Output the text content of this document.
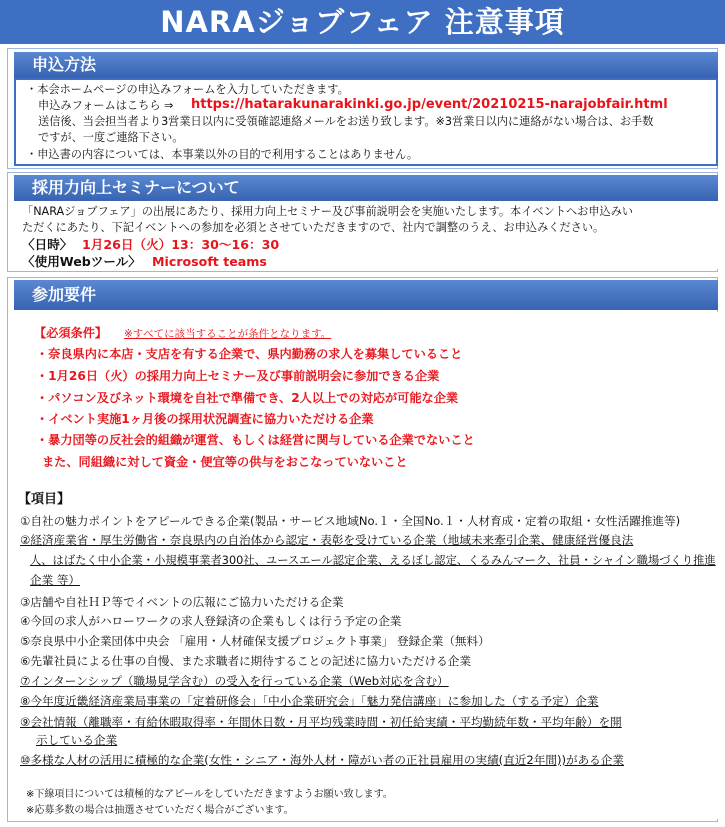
NARAジョブフェア 注意事項
申込方法
・本会ホームページの申込みフォームを入力していただきます。
申込みフォームはこちら ⇒ https://hatarakunarakinki.go.jp/event/20210215-narajobfair.html
送信後、当会担当者より3営業日以内に受領確認連絡メールをお送り致します。※3営業日以内に連絡がない場合は、お手数
ですが、一度ご連絡下さい。
・申込書の内容については、本事業以外の目的で利用することはありません。
採用力向上セミナーについて
「NARAジョブフェア」の出展にあたり、採用力向上セミナー及び事前説明会を実施いたします。本イベントへお申込みい
ただくにあたり、下記イベントへの参加を必須とさせていただきますので、社内で調整のうえ、お申込みください。
〈日時〉 1月26日（火）13：30～16：30
〈使用Webツール〉 Microsoft teams
参加要件
【必須条件】 ※すべてに該当することが条件となります。
・奈良県内に本店・支店を有する企業で、県内勤務の求人を募集していること
・1月26日（火）の採用力向上セミナー及び事前説明会に参加できる企業
・パソコン及びネット環境を自社で準備でき、2人以上での対応が可能な企業
・イベント実施1ヶ月後の採用状況調査に協力いただける企業
・暴力団等の反社会的組織が運営、もしくは経営に関与している企業でないこと
また、同組織に対して資金・便宜等の供与をおこなっていないこと
【項目】
①自社の魅力ポイントをアピールできる企業(製品・サービス地域No.１・全国No.１・人材育成・定着の取組・女性活躍推進等)
②経済産業省・厚生労働省・奈良県内の自治体から認定・表彰を受けている企業（地域未来牽引企業、健康経営優良法
人、はばたく中小企業・小規模事業者300社、ユースエール認定企業、えるぼし認定、くるみんマーク、社員・シャイン職場づくり推進
企業 等）
③店舗や自社ＨＰ等でイベントの広報にご協力いただける企業
④今回の求人がハローワークの求人登録済の企業もしくは行う予定の企業
⑤奈良県中小企業団体中央会 「雇用・人材確保支援プロジェクト事業」 登録企業（無料）
⑥先輩社員による仕事の自慢、また求職者に期待することの記述に協力いただける企業
⑦インターンシップ（職場見学含む）の受入を行っている企業（Web対応を含む）
⑧今年度近畿経済産業局事業の「定着研修会」「中小企業研究会」「魅力発信講座」に参加した（する予定）企業
⑨会社情報（離職率・有給休暇取得率・年間休日数・月平均残業時間・初任給実績・平均勤続年数・平均年齢）を開
示している企業
⑩多様な人材の活用に積極的な企業(女性・シニア・海外人材・障がい者の正社員雇用の実績(直近2年間))がある企業
※下線項目については積極的なアピールをしていただきますようお願い致します。
※応募多数の場合は抽選させていただく場合がございます。
